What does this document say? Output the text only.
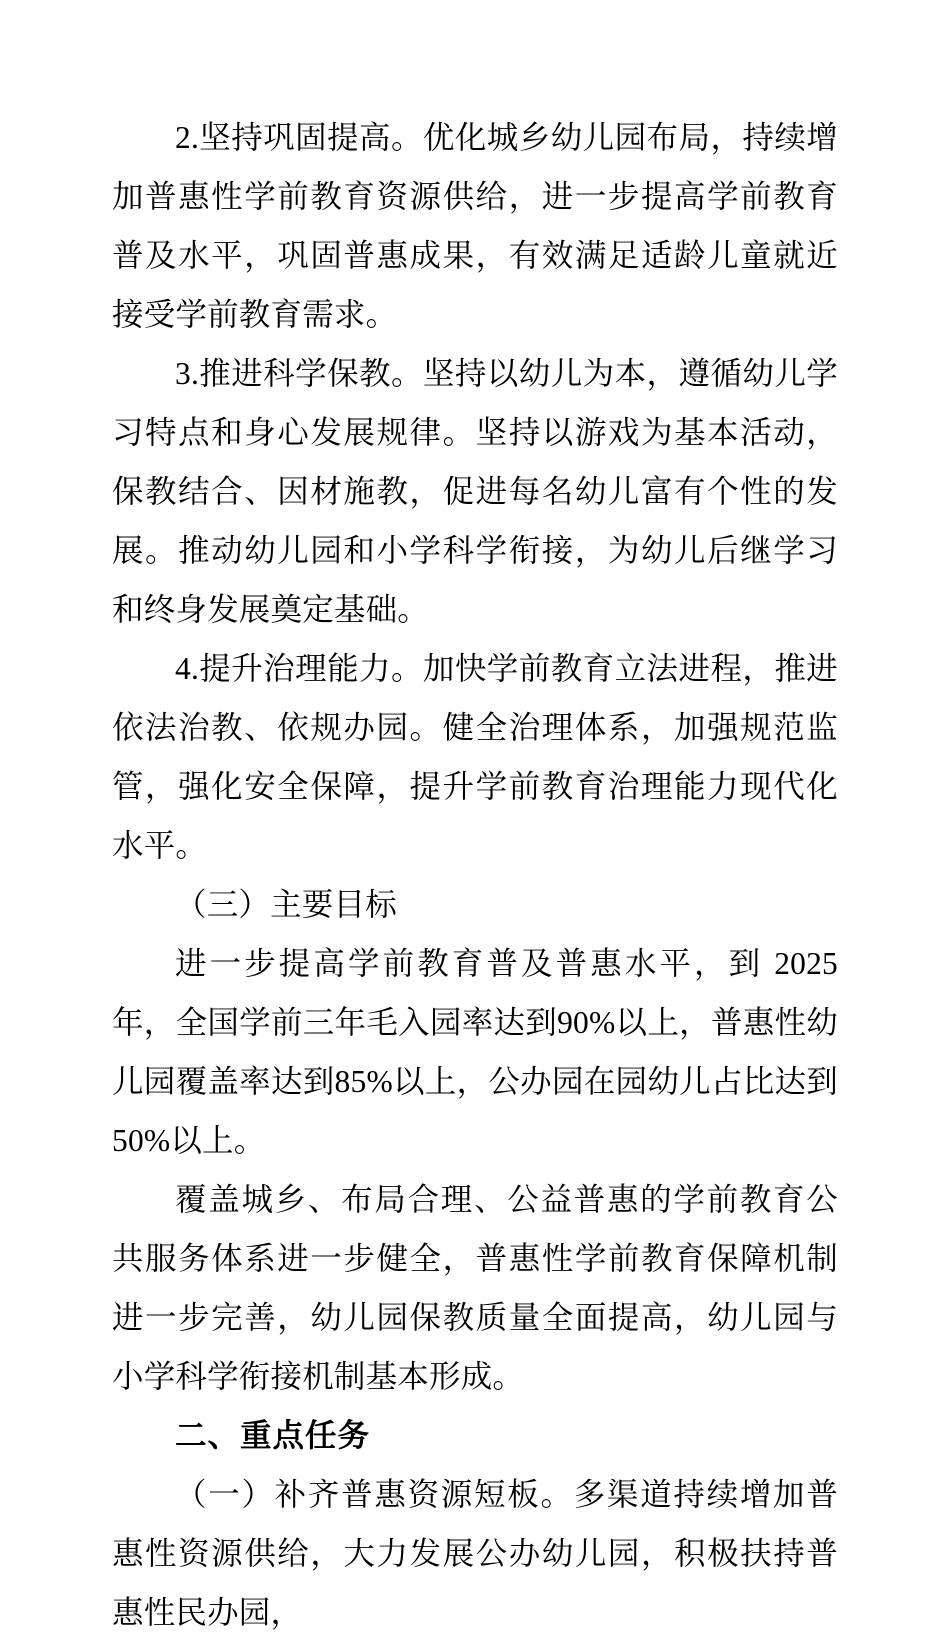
2.坚持巩固提高。优化城乡幼儿园布局，持续增加普惠性学前教育资源供给，进一步提高学前教育普及水平，巩固普惠成果，有效满足适龄儿童就近接受学前教育需求。

3.推进科学保教。坚持以幼儿为本，遵循幼儿学习特点和身心发展规律。坚持以游戏为基本活动，保教结合、因材施教，促进每名幼儿富有个性的发展。推动幼儿园和小学科学衔接，为幼儿后继学习和终身发展奠定基础。

4.提升治理能力。加快学前教育立法进程，推进依法治教、依规办园。健全治理体系，加强规范监管，强化安全保障，提升学前教育治理能力现代化水平。

（三）主要目标

进一步提高学前教育普及普惠水平，到 2025 年，全国学前三年毛入园率达到90%以上，普惠性幼儿园覆盖率达到85%以上，公办园在园幼儿占比达到 50%以上。

覆盖城乡、布局合理、公益普惠的学前教育公共服务体系进一步健全，普惠性学前教育保障机制进一步完善，幼儿园保教质量全面提高，幼儿园与小学科学衔接机制基本形成。

二、重点任务

（一）补齐普惠资源短板。多渠道持续增加普惠性资源供给，大力发展公办幼儿园，积极扶持普惠性民办园，
